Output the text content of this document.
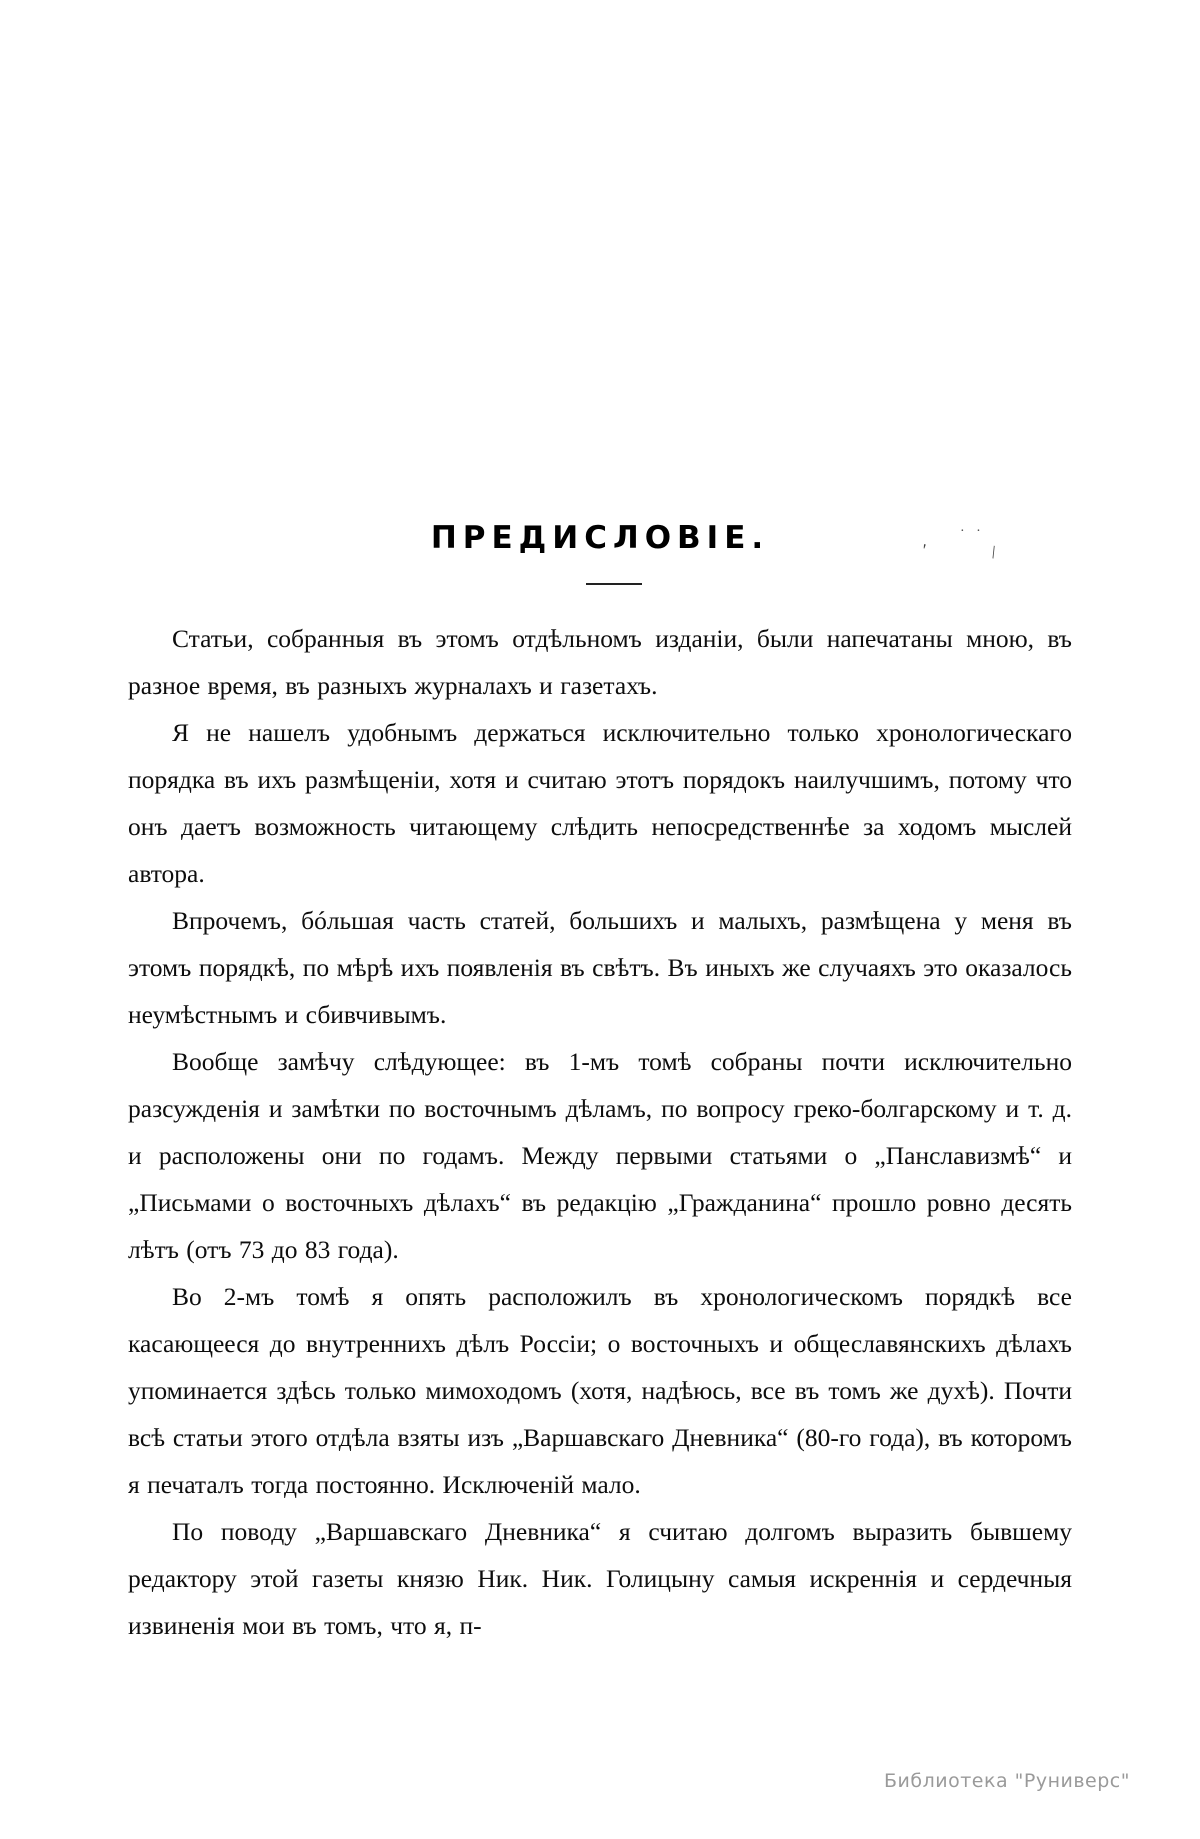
ПРЕДИСЛОВІЕ.	'
· ·
\

Статьи, собранныя въ этомъ отдѣльномъ изданіи, были напечатаны мною, въ разное время, въ разныхъ журналахъ и газетахъ.

Я не нашелъ удобнымъ держаться исключительно только хронологическаго порядка въ ихъ размѣщеніи, хотя и считаю этотъ порядокъ наилучшимъ, потому что онъ даетъ возможность читающему слѣдить непосредственнѣе за ходомъ мыслей автора.

Впрочемъ, бóльшая часть статей, большихъ и малыхъ, размѣщена у меня въ этомъ порядкѣ, по мѣрѣ ихъ появленія въ свѣтъ. Въ иныхъ же случаяхъ это оказалось неумѣстнымъ и сбивчивымъ.

Вообще замѣчу слѣдующее: въ 1-мъ томѣ собраны почти исключительно разсужденія и замѣтки по восточнымъ дѣламъ, по вопросу греко-болгарскому и т. д. и расположены они по годамъ. Между первыми статьями о „Панславизмѣ“ и „Письмами о восточныхъ дѣлахъ“ въ редакцію „Гражданина“ прошло ровно десять лѣтъ (отъ 73 до 83 года).

Во 2-мъ томѣ я опять расположилъ въ хронологическомъ порядкѣ все касающееся до внутреннихъ дѣлъ Россіи; о восточныхъ и общеславянскихъ дѣлахъ упоминается здѣсь только мимоходомъ (хотя, надѣюсь, все въ томъ же духѣ). Почти всѣ статьи этого отдѣла взяты изъ „Варшавскаго Дневника“ (80-го года), въ которомъ я печаталъ тогда постоянно. Исключеній мало.

По поводу „Варшавскаго Дневника“ я считаю долгомъ выразить бывшему редактору этой газеты князю Ник. Ник. Голицыну самыя искреннія и сердечныя извиненія мои въ томъ, что я, п-

Библиотека "Руниверс"
